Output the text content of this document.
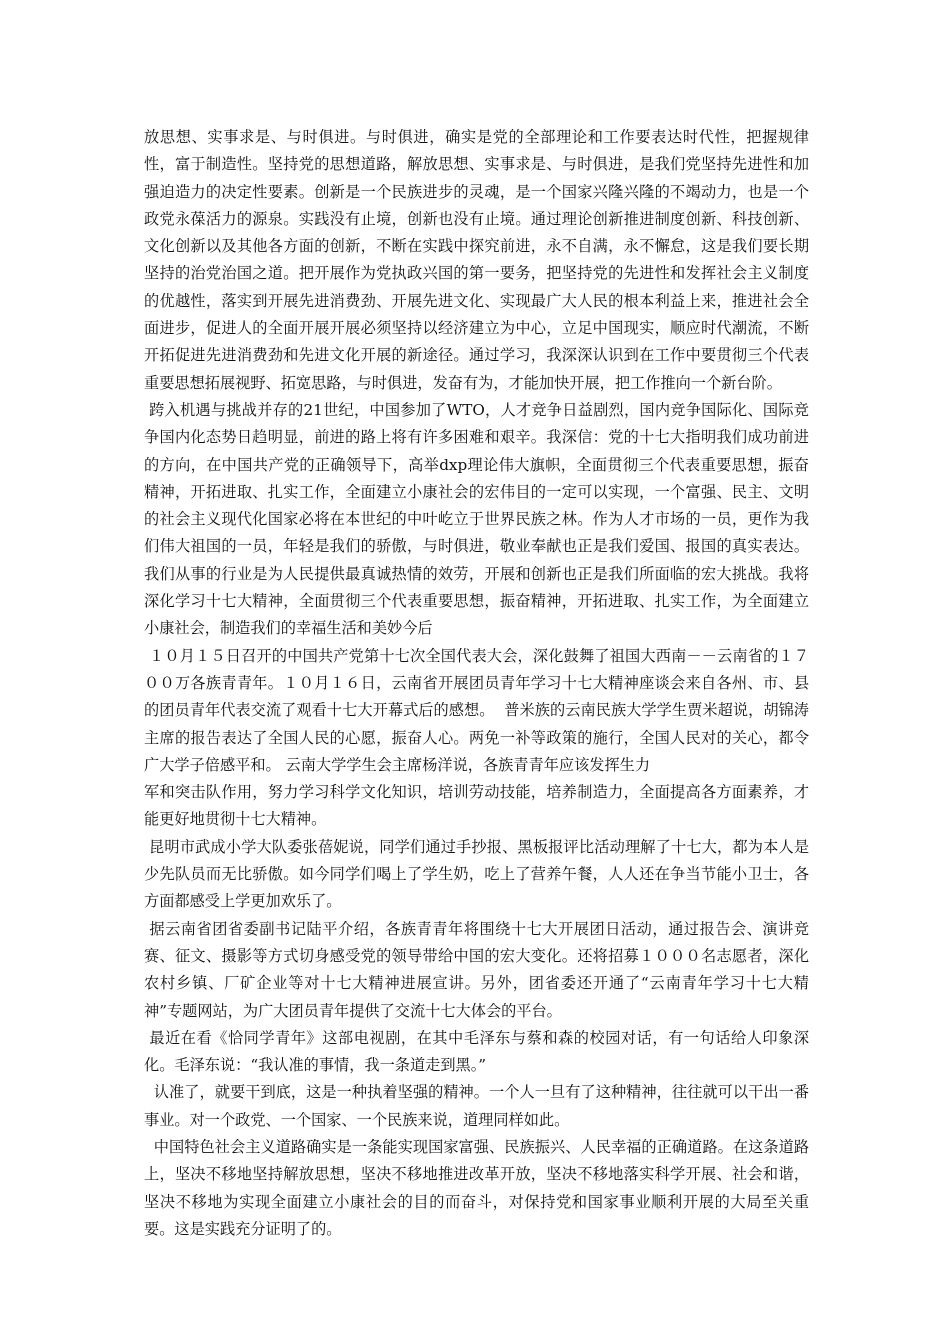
放思想、实事求是、与时俱进。与时俱进，确实是党的全部理论和工作要表达时代性，把握规律性，富于制造性。坚持党的思想道路，解放思想、实事求是、与时俱进，是我们党坚持先进性和加强迫造力的决定性要素。创新是一个民族进步的灵魂，是一个国家兴隆兴隆的不竭动力，也是一个政党永葆活力的源泉。实践没有止境，创新也没有止境。通过理论创新推进制度创新、科技创新、文化创新以及其他各方面的创新，不断在实践中探究前进，永不自满，永不懈怠，这是我们要长期坚持的治党治国之道。把开展作为党执政兴国的第一要务，把坚持党的先进性和发挥社会主义制度的优越性，落实到开展先进消费劲、开展先进文化、实现最广大人民的根本利益上来，推进社会全面进步，促进人的全面开展开展必须坚持以经济建立为中心，立足中国现实，顺应时代潮流，不断开拓促进先进消费劲和先进文化开展的新途径。通过学习，我深深认识到在工作中要贯彻三个代表重要思想拓展视野、拓宽思路，与时俱进，发奋有为，才能加快开展，把工作推向一个新台阶。

跨入机遇与挑战并存的21世纪，中国参加了WTO，人才竞争日益剧烈，国内竞争国际化、国际竞争国内化态势日趋明显，前进的路上将有许多困难和艰辛。我深信：党的十七大指明我们成功前进的方向，在中国共产党的正确领导下，高举dxp理论伟大旗帜，全面贯彻三个代表重要思想，振奋精神，开拓进取、扎实工作，全面建立小康社会的宏伟目的一定可以实现，一个富强、民主、文明的社会主义现代化国家必将在本世纪的中叶屹立于世界民族之林。作为人才市场的一员，更作为我们伟大祖国的一员，年轻是我们的骄傲，与时俱进，敬业奉献也正是我们爱国、报国的真实表达。我们从事的行业是为人民提供最真诚热情的效劳，开展和创新也正是我们所面临的宏大挑战。我将深化学习十七大精神，全面贯彻三个代表重要思想，振奋精神，开拓进取、扎实工作，为全面建立小康社会，制造我们的幸福生活和美妙今后

１０月１５日召开的中国共产党第十七次全国代表大会，深化鼓舞了祖国大西南－－云南省的１７００万各族青青年。１０月１６日，云南省开展团员青年学习十七大精神座谈会来自各州、市、县的团员青年代表交流了观看十七大开幕式后的感想。  普米族的云南民族大学学生贾米超说，胡锦涛主席的报告表达了全国人民的心愿，振奋人心。两免一补等政策的施行，全国人民对的关心，都令广大学子倍感平和。 云南大学学生会主席杨洋说，各族青青年应该发挥生力

军和突击队作用，努力学习科学文化知识，培训劳动技能，培养制造力，全面提高各方面素养，才能更好地贯彻十七大精神。

昆明市武成小学大队委张蓓妮说，同学们通过手抄报、黑板报评比活动理解了十七大，都为本人是少先队员而无比骄傲。如今同学们喝上了学生奶，吃上了营养午餐，人人还在争当节能小卫士，各方面都感受上学更加欢乐了。

据云南省团省委副书记陆平介绍，各族青青年将围绕十七大开展团日活动，通过报告会、演讲竞赛、征文、摄影等方式切身感受党的领导带给中国的宏大变化。还将招募１０００名志愿者，深化农村乡镇、厂矿企业等对十七大精神进展宣讲。另外，团省委还开通了“云南青年学习十七大精神”专题网站，为广大团员青年提供了交流十七大体会的平台。

最近在看《恰同学青年》这部电视剧，在其中毛泽东与蔡和森的校园对话，有一句话给人印象深化。毛泽东说：“我认准的事情，我一条道走到黑。”

认准了，就要干到底，这是一种执着坚强的精神。一个人一旦有了这种精神，往往就可以干出一番事业。对一个政党、一个国家、一个民族来说，道理同样如此。

中国特色社会主义道路确实是一条能实现国家富强、民族振兴、人民幸福的正确道路。在这条道路上，坚决不移地坚持解放思想，坚决不移地推进改革开放，坚决不移地落实科学开展、社会和谐，坚决不移地为实现全面建立小康社会的目的而奋斗，对保持党和国家事业顺利开展的大局至关重要。这是实践充分证明了的。
